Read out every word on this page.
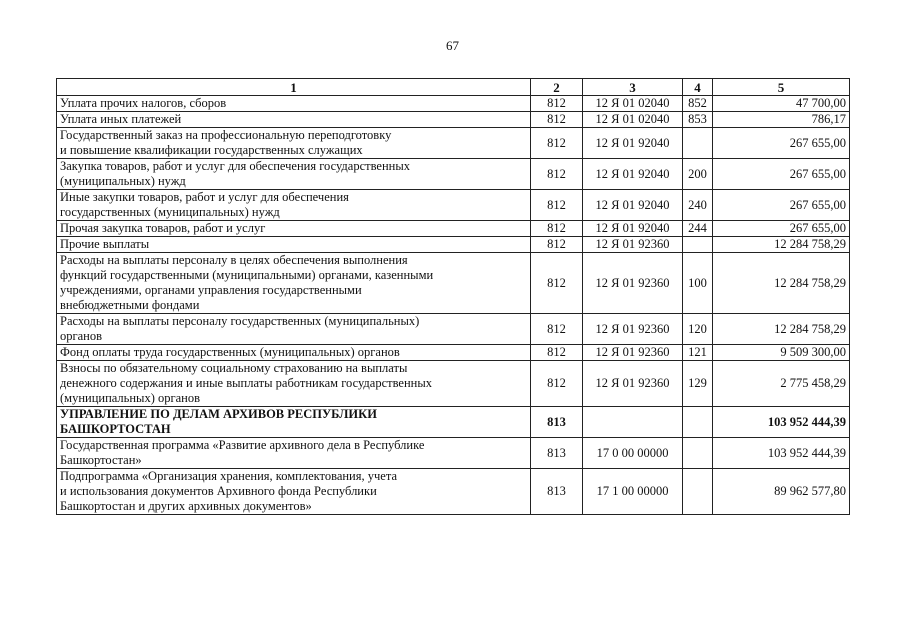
67
1	2	3	4	5
Уплата прочих налогов, сборов	812	12 Я 01 02040	852	47 700,00
Уплата иных платежей	812	12 Я 01 02040	853	786,17
Государственный заказ на профессиональную переподготовку
и повышение квалификации государственных служащих	812	12 Я 01 92040		267 655,00
Закупка товаров, работ и услуг для обеспечения государственных
(муниципальных) нужд	812	12 Я 01 92040	200	267 655,00
Иные закупки товаров, работ и услуг для обеспечения
государственных (муниципальных) нужд	812	12 Я 01 92040	240	267 655,00
Прочая закупка товаров, работ и услуг	812	12 Я 01 92040	244	267 655,00
Прочие выплаты	812	12 Я 01 92360		12 284 758,29
Расходы на выплаты персоналу в целях обеспечения выполнения
функций государственными (муниципальными) органами, казенными
учреждениями, органами управления государственными
внебюджетными фондами	812	12 Я 01 92360	100	12 284 758,29
Расходы на выплаты персоналу государственных (муниципальных)
органов	812	12 Я 01 92360	120	12 284 758,29
Фонд оплаты труда государственных (муниципальных) органов	812	12 Я 01 92360	121	9 509 300,00
Взносы по обязательному социальному страхованию на выплаты
денежного содержания и иные выплаты работникам государственных
(муниципальных) органов	812	12 Я 01 92360	129	2 775 458,29
УПРАВЛЕНИЕ ПО ДЕЛАМ АРХИВОВ РЕСПУБЛИКИ
БАШКОРТОСТАН	813			103 952 444,39
Государственная программа «Развитие архивного дела в Республике
Башкортостан»	813	17 0 00 00000		103 952 444,39
Подпрограмма «Организация хранения, комплектования, учета
и использования документов Архивного фонда Республики
Башкортостан и других архивных документов»	813	17 1 00 00000		89 962 577,80
